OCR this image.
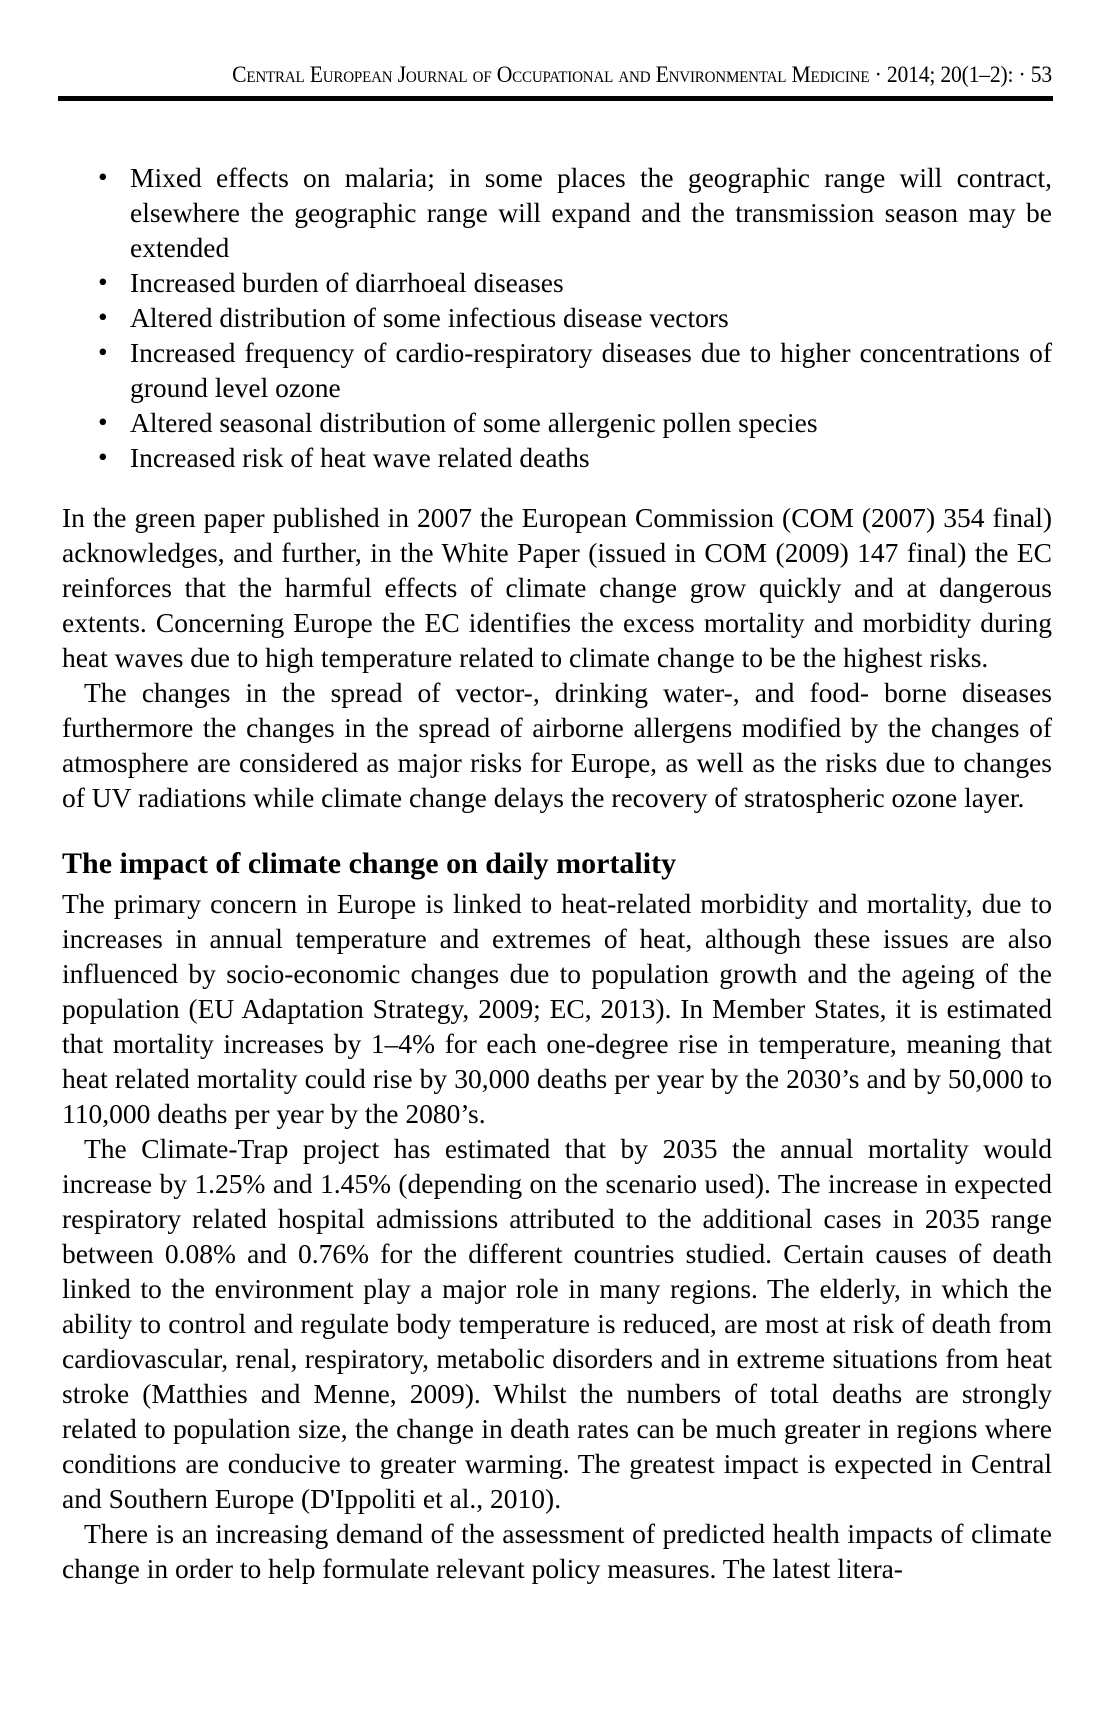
Central European Journal of Occupational and Environmental Medicine · 2014; 20(1–2): · 53
• Mixed effects on malaria; in some places the geographic range will contract, elsewhere the geographic range will expand and the transmission season may be extended
• Increased burden of diarrhoeal diseases
• Altered distribution of some infectious disease vectors
• Increased frequency of cardio-respiratory diseases due to higher concentrations of ground level ozone
• Altered seasonal distribution of some allergenic pollen species
• Increased risk of heat wave related deaths

In the green paper published in 2007 the European Commission (COM (2007) 354 final) acknowledges, and further, in the White Paper (issued in COM (2009) 147 final) the EC reinforces that the harmful effects of climate change grow quickly and at dangerous extents. Concerning Europe the EC identifies the excess mortality and morbidity during heat waves due to high temperature related to climate change to be the highest risks.

The changes in the spread of vector-, drinking water-, and food- borne diseases furthermore the changes in the spread of airborne allergens modified by the changes of atmosphere are considered as major risks for Europe, as well as the risks due to changes of UV radiations while climate change delays the recovery of stratospheric ozone layer.

The impact of climate change on daily mortality

The primary concern in Europe is linked to heat-related morbidity and mortality, due to increases in annual temperature and extremes of heat, although these issues are also influenced by socio-economic changes due to population growth and the ageing of the population (EU Adaptation Strategy, 2009; EC, 2013). In Member States, it is estimated that mortality increases by 1–4% for each one-degree rise in temperature, meaning that heat related mortality could rise by 30,000 deaths per year by the 2030’s and by 50,000 to 110,000 deaths per year by the 2080’s.

The Climate-Trap project has estimated that by 2035 the annual mortality would increase by 1.25% and 1.45% (depending on the scenario used). The increase in expected respiratory related hospital admissions attributed to the additional cases in 2035 range between 0.08% and 0.76% for the different countries studied. Certain causes of death linked to the environment play a major role in many regions. The elderly, in which the ability to control and regulate body temperature is reduced, are most at risk of death from cardiovascular, renal, respiratory, metabolic disorders and in extreme situations from heat stroke (Matthies and Menne, 2009). Whilst the numbers of total deaths are strongly related to population size, the change in death rates can be much greater in regions where conditions are conducive to greater warming. The greatest impact is expected in Central and Southern Europe (D'Ippoliti et al., 2010).

There is an increasing demand of the assessment of predicted health impacts of climate change in order to help formulate relevant policy measures. The latest litera-
